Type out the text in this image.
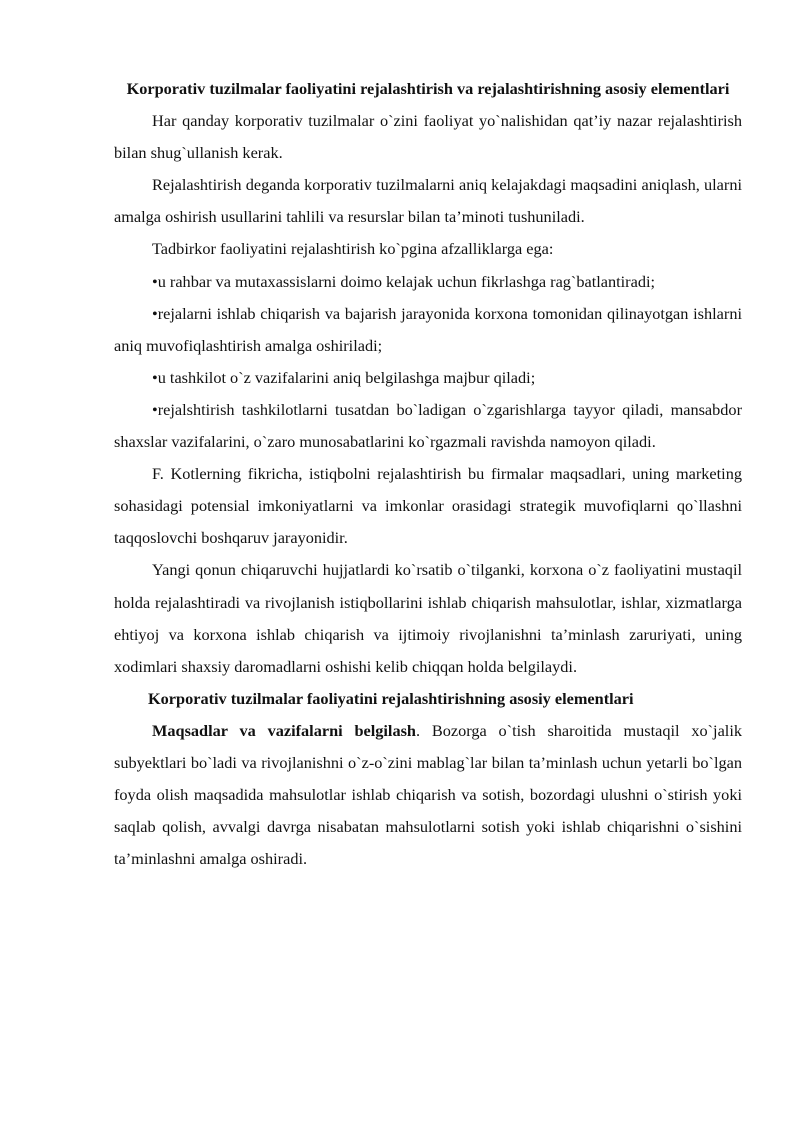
Korporativ tuzilmalar faoliyatini rejalashtirish va rejalashtirishning asosiy elementlari

Har qanday korporativ tuzilmalar o`zini faoliyat yo`nalishidan qat’iy nazar rejalashtirish bilan shug`ullanish kerak.

Rejalashtirish deganda korporativ tuzilmalarni aniq kelajakdagi maqsadini aniqlash, ularni amalga oshirish usullarini tahlili va resurslar bilan ta’minoti tushuniladi.

Tadbirkor faoliyatini rejalashtirish ko`pgina afzalliklarga ega:

•u rahbar va mutaxassislarni doimo kelajak uchun fikrlashga rag`batlantiradi;

•rejalarni ishlab chiqarish va bajarish jarayonida korxona tomonidan qilinayotgan ishlarni aniq muvofiqlashtirish amalga oshiriladi;

•u tashkilot o`z vazifalarini aniq belgilashga majbur qiladi;

•rejalshtirish tashkilotlarni tusatdan bo`ladigan o`zgarishlarga tayyor qiladi, mansabdor shaxslar vazifalarini, o`zaro munosabatlarini ko`rgazmali ravishda namoyon qiladi.

F. Kotlerning fikricha, istiqbolni rejalashtirish bu firmalar maqsadlari, uning marketing sohasidagi potensial imkoniyatlarni va imkonlar orasidagi strategik muvofiqlarni qo`llashni taqqoslovchi boshqaruv jarayonidir.

Yangi qonun chiqaruvchi hujjatlardi ko`rsatib o`tilganki, korxona o`z faoliyatini mustaqil holda rejalashtiradi va rivojlanish istiqbollarini ishlab chiqarish mahsulotlar, ishlar, xizmatlarga ehtiyoj va korxona ishlab chiqarish va ijtimoiy rivojlanishni ta’minlash zaruriyati, uning xodimlari shaxsiy daromadlarni oshishi kelib chiqqan holda belgilaydi.

Korporativ tuzilmalar faoliyatini rejalashtirishning asosiy elementlari

Maqsadlar va vazifalarni belgilash. Bozorga o`tish sharoitida mustaqil xo`jalik subyektlari bo`ladi va rivojlanishni o`z-o`zini mablag`lar bilan ta’minlash uchun yetarli bo`lgan foyda olish maqsadida mahsulotlar ishlab chiqarish va sotish, bozordagi ulushni o`stirish yoki saqlab qolish, avvalgi davrga nisabatan mahsulotlarni sotish yoki ishlab chiqarishni o`sishini ta’minlashni amalga oshiradi.
